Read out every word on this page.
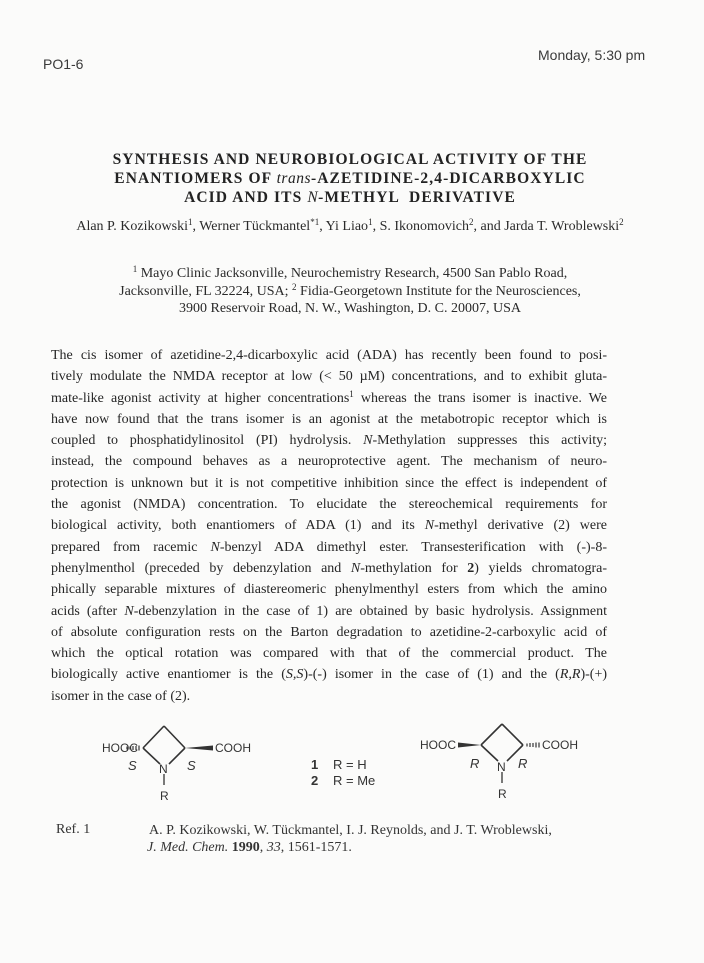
PO1-6
Monday, 5:30 pm
SYNTHESIS AND NEUROBIOLOGICAL ACTIVITY OF THE
ENANTIOMERS OF trans-AZETIDINE-2,4-DICARBOXYLIC
ACID AND ITS N-METHYL  DERIVATIVE
Alan P. Kozikowski$^1$, Werner Tückmantel$^{*1}$, Yi Liao$^1$, S. Ikonomovich$^2$, and Jarda T. Wroblewski$^2$
$^1$ Mayo Clinic Jacksonville, Neurochemistry Research, 4500 San Pablo Road,
Jacksonville, FL 32224, USA; $^2$ Fidia-Georgetown Institute for the Neurosciences,
3900 Reservoir Road, N. W., Washington, D. C. 20007, USA
The cis isomer of azetidine-2,4-dicarboxylic acid (ADA) has recently been found to posi-
tively modulate the NMDA receptor at low (< 50 µM) concentrations, and to exhibit gluta-
mate-like agonist activity at higher concentrations$^1$ whereas the trans isomer is inactive. We
have now found that the trans isomer is an agonist at the metabotropic receptor which is
coupled to phosphatidylinositol (PI) hydrolysis. N-Methylation suppresses this activity;
instead, the compound behaves as a neuroprotective agent. The mechanism of neuro-
protection is unknown but it is not competitive inhibition since the effect is independent of
the agonist (NMDA) concentration. To elucidate the stereochemical requirements for
biological activity, both enantiomers of ADA (1) and its N-methyl derivative (2) were
prepared from racemic N-benzyl ADA dimethyl ester. Transesterification with (-)-8-
phenylmenthol (preceded by debenzylation and N-methylation for 2) yields chromatogra-
phically separable mixtures of diastereomeric phenylmenthyl esters from which the amino
acids (after N-debenzylation in the case of 1) are obtained by basic hydrolysis. Assignment
of absolute configuration rests on the Barton degradation to azetidine-2-carboxylic acid of
which the optical rotation was compared with that of the commercial product. The
biologically active enantiomer is the (S,S)-(-) isomer in the case of (1) and the (R,R)-(+)
isomer in the case of (2).
HOOC	COOH
S	S
N
R
1 R = H
2 R = Me
HOOC	COOH
R	R
N
R
Ref. 1	A. P. Kozikowski, W. Tückmantel, I. J. Reynolds, and J. T. Wroblewski,
J. Med. Chem. 1990, 33, 1561-1571.
